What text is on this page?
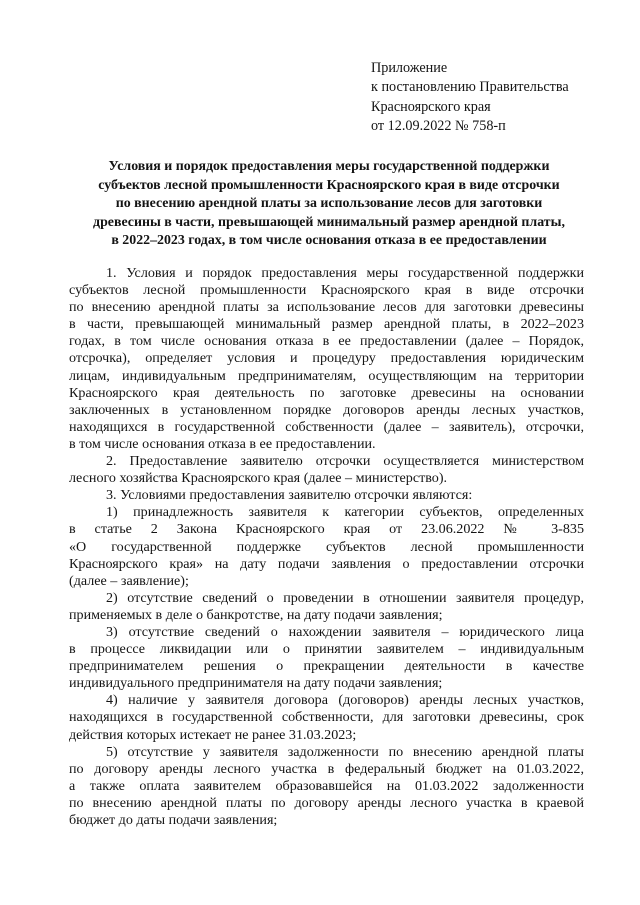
Приложение
к постановлению Правительства
Красноярского края
от 12.09.2022 № 758-п
Условия и порядок предоставления меры государственной поддержки
субъектов лесной промышленности Красноярского края в виде отсрочки
по внесению арендной платы за использование лесов для заготовки
древесины в части, превышающей минимальный размер арендной платы,
в 2022–2023 годах, в том числе основания отказа в ее предоставлении
1. Условия и порядок предоставления меры государственной поддержки
субъектов лесной промышленности Красноярского края в виде отсрочки
по внесению арендной платы за использование лесов для заготовки древесины
в части, превышающей минимальный размер арендной платы, в 2022–2023
годах, в том числе основания отказа в ее предоставлении (далее – Порядок,
отсрочка), определяет условия и процедуру предоставления юридическим
лицам, индивидуальным предпринимателям, осуществляющим на территории
Красноярского края деятельность по заготовке древесины на основании
заключенных в установленном порядке договоров аренды лесных участков,
находящихся в государственной собственности (далее – заявитель), отсрочки,
в том числе основания отказа в ее предоставлении.
2. Предоставление заявителю отсрочки осуществляется министерством
лесного хозяйства Красноярского края (далее – министерство).
3. Условиями предоставления заявителю отсрочки являются:
1) принадлежность заявителя к категории субъектов, определенных
в статье 2 Закона Красноярского края от 23.06.2022 № 3-835
«О государственной поддержке субъектов лесной промышленности
Красноярского края» на дату подачи заявления о предоставлении отсрочки
(далее – заявление);
2) отсутствие сведений о проведении в отношении заявителя процедур,
применяемых в деле о банкротстве, на дату подачи заявления;
3) отсутствие сведений о нахождении заявителя – юридического лица
в процессе ликвидации или о принятии заявителем – индивидуальным
предпринимателем решения о прекращении деятельности в качестве
индивидуального предпринимателя на дату подачи заявления;
4) наличие у заявителя договора (договоров) аренды лесных участков,
находящихся в государственной собственности, для заготовки древесины, срок
действия которых истекает не ранее 31.03.2023;
5) отсутствие у заявителя задолженности по внесению арендной платы
по договору аренды лесного участка в федеральный бюджет на 01.03.2022,
а также оплата заявителем образовавшейся на 01.03.2022 задолженности
по внесению арендной платы по договору аренды лесного участка в краевой
бюджет до даты подачи заявления;
